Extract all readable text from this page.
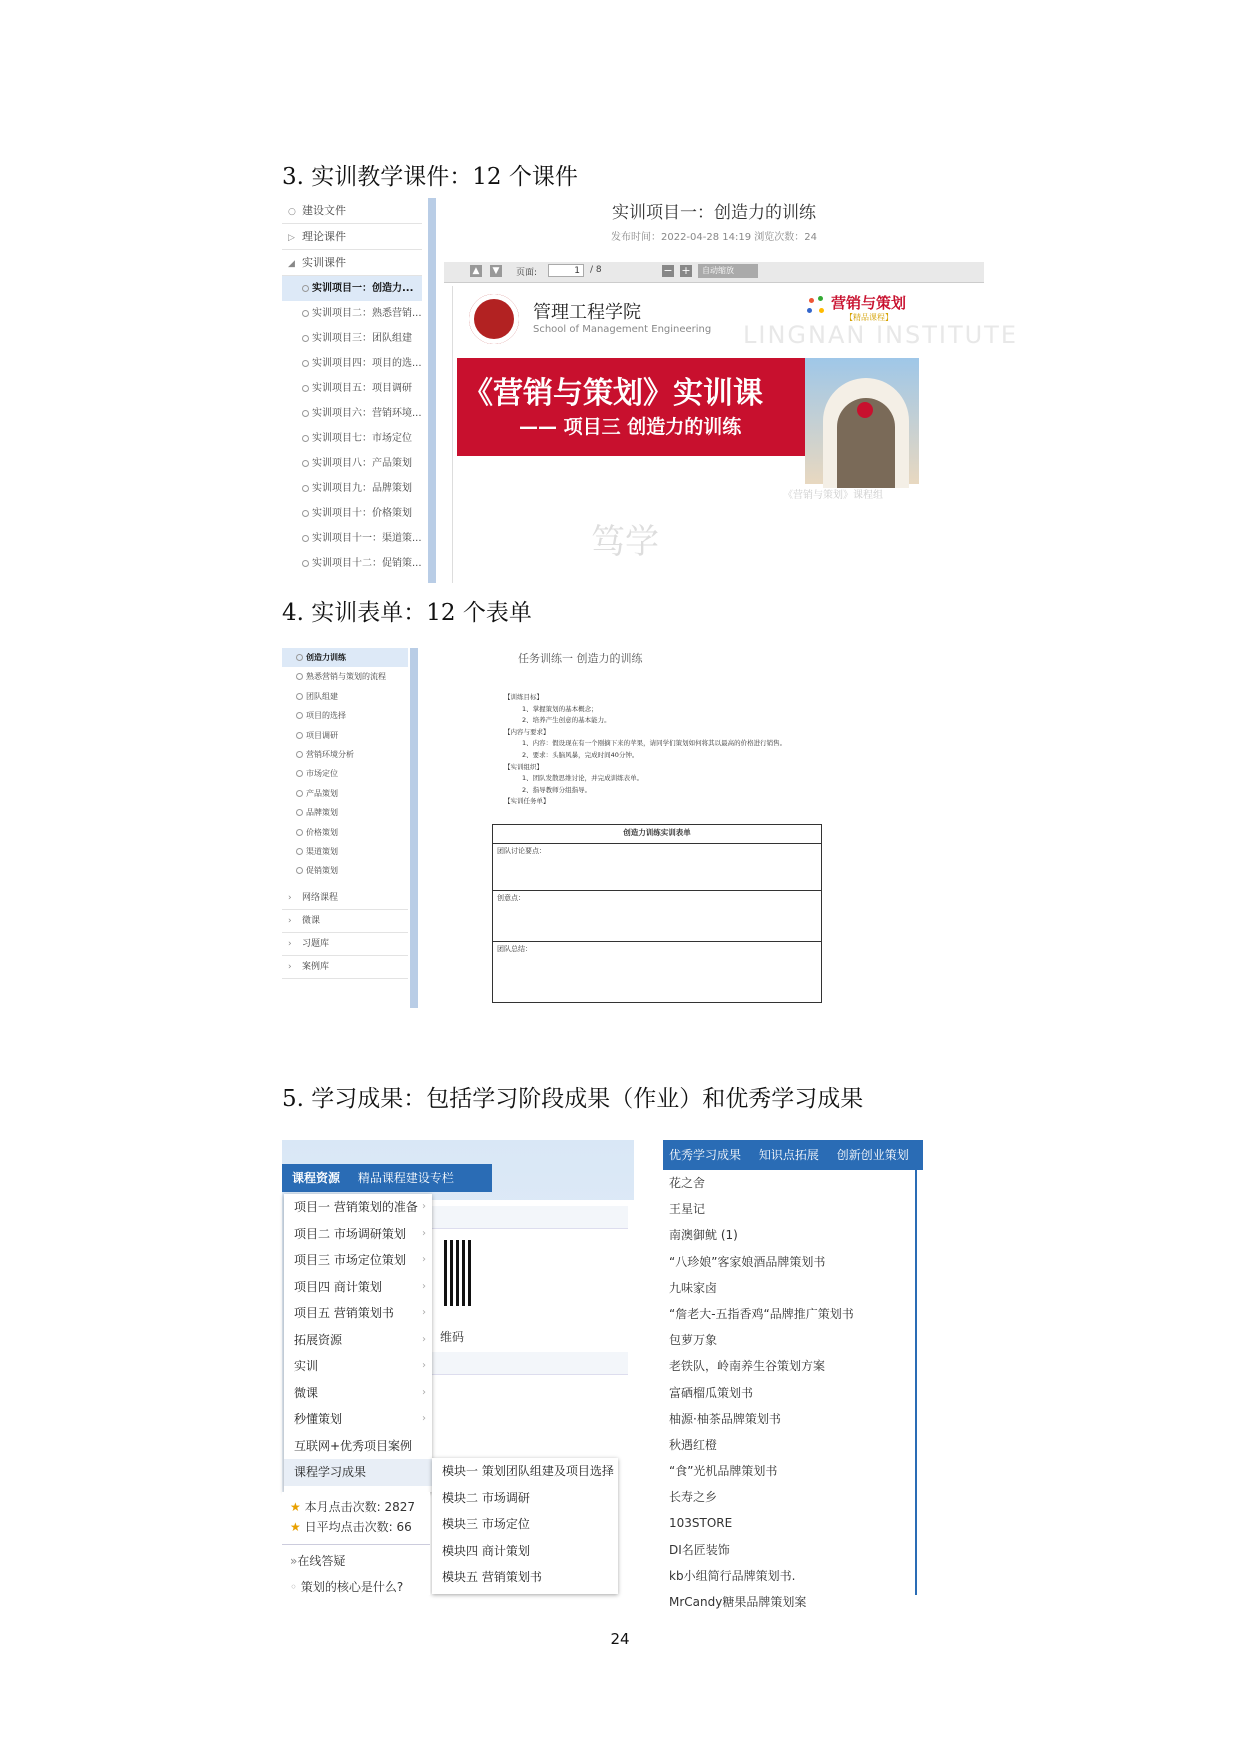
3. 实训教学课件：12 个课件
○ 建设文件
▷ 理论课件
◢ 实训课件
实训项目一：创造力...
实训项目二：熟悉营销...
实训项目三：团队组建
实训项目四：项目的选...
实训项目五：项目调研
实训项目六：营销环境...
实训项目七：市场定位
实训项目八：产品策划
实训项目九：品牌策划
实训项目十：价格策划
实训项目十一：渠道策...
实训项目十二：促销策...
实训项目一：创造力的训练
发布时间：2022-04-28 14:19 浏览次数：24
▲ ▼ 页面:	1	/ 8	− +	自动缩放
管理工程学院
School of Management Engineering LINGNAN INSTITUTE
营销与策划
【精品课程】
《营销与策划》实训课
—— 项目三 创造力的训练
《营销与策划》课程组
笃学
4. 实训表单：12 个表单
创造力训练
熟悉营销与策划的流程
团队组建
项目的选择
项目调研
营销环境分析
市场定位
产品策划
品牌策划
价格策划
渠道策划
促销策划
› 网络课程
› 微课
› 习题库
› 案例库
任务训练一 创造力的训练
【训练目标】
1、掌握策划的基本概念；
2、培养产生创意的基本能力。
【内容与要求】
1、内容：假设现在有一个刚摘下来的苹果，请同学们策划如何将其以最高的价格进行销售。
2、要求：头脑风暴，完成时间40分钟。
【实训组织】
1、团队发散思维讨论，并完成训练表单。
2、指导教师分组指导。
【实训任务单】
创造力训练实训表单
团队讨论要点：
创意点：
团队总结：
5. 学习成果：包括学习阶段成果（作业）和优秀学习成果
课程资源 精品课程建设专栏
维码
项目一 营销策划的准备 ›
项目二 市场调研策划 ›
项目三 市场定位策划 ›
项目四 商计策划	›
项目五 营销策划书	›
拓展资源	›
实训	›
微课	›
秒懂策划	›
互联网+优秀项目案例
课程学习成果	模块一 策划团队组建及项目选择
模块二 市场调研
模块三 市场定位
模块四 商计策划
模块五 营销策划书
★ 本月点击次数: 2827
★ 日平均点击次数: 66
»在线答疑
◦ 策划的核心是什么?
优秀学习成果 知识点拓展 创新创业策划
花之舍
王星记
南澳御鱿 (1)
“八珍娘”客家娘酒品牌策划书
九味家卤
“詹老大-五指香鸡“品牌推广策划书
包萝万象
老铁队，岭南养生谷策划方案
富硒榴瓜策划书
柚源·柚茶品牌策划书
秋遇红橙
“食”光机品牌策划书
长寿之乡
103STORE
DI名匠装饰
kb小组简行品牌策划书.
MrCandy糖果品牌策划案
24
